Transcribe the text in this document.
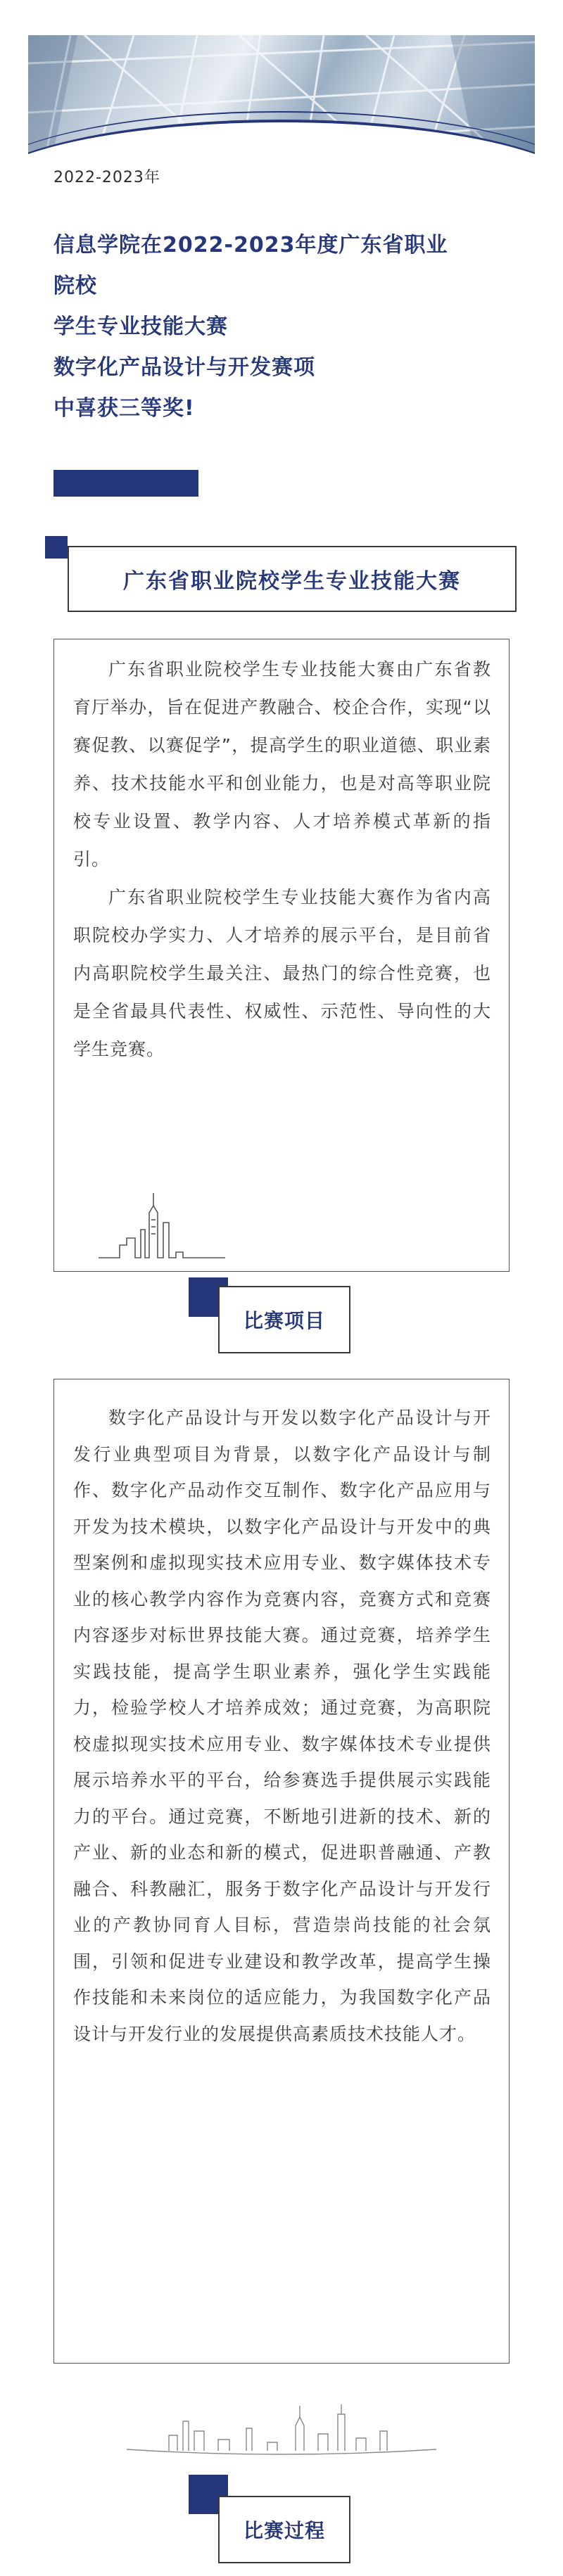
2022-2023年
信息学院在2022-2023年度广东省职业
院校
学生专业技能大赛
数字化产品设计与开发赛项
中喜获三等奖!
广东省职业院校学生专业技能大赛

广东省职业院校学生专业技能大赛由广东省教育厅举办，旨在促进产教融合、校企合作，实现“以赛促教、以赛促学”，提高学生的职业道德、职业素养、技术技能水平和创业能力，也是对高等职业院校专业设置、教学内容、人才培养模式革新的指引。

广东省职业院校学生专业技能大赛作为省内高职院校办学实力、人才培养的展示平台，是目前省内高职院校学生最关注、最热门的综合性竞赛，也是全省最具代表性、权威性、示范性、导向性的大学生竞赛。

比赛项目

数字化产品设计与开发以数字化产品设计与开发行业典型项目为背景，以数字化产品设计与制作、数字化产品动作交互制作、数字化产品应用与开发为技术模块，以数字化产品设计与开发中的典型案例和虚拟现实技术应用专业、数字媒体技术专业的核心教学内容作为竞赛内容，竞赛方式和竞赛内容逐步对标世界技能大赛。通过竞赛，培养学生实践技能，提高学生职业素养，强化学生实践能力，检验学校人才培养成效；通过竞赛，为高职院校虚拟现实技术应用专业、数字媒体技术专业提供展示培养水平的平台，给参赛选手提供展示实践能力的平台。通过竞赛，不断地引进新的技术、新的产业、新的业态和新的模式，促进职普融通、产教融合、科教融汇，服务于数字化产品设计与开发行业的产教协同育人目标，营造崇尚技能的社会氛围，引领和促进专业建设和教学改革，提高学生操作技能和未来岗位的适应能力，为我国数字化产品设计与开发行业的发展提供高素质技术技能人才。

比赛过程
